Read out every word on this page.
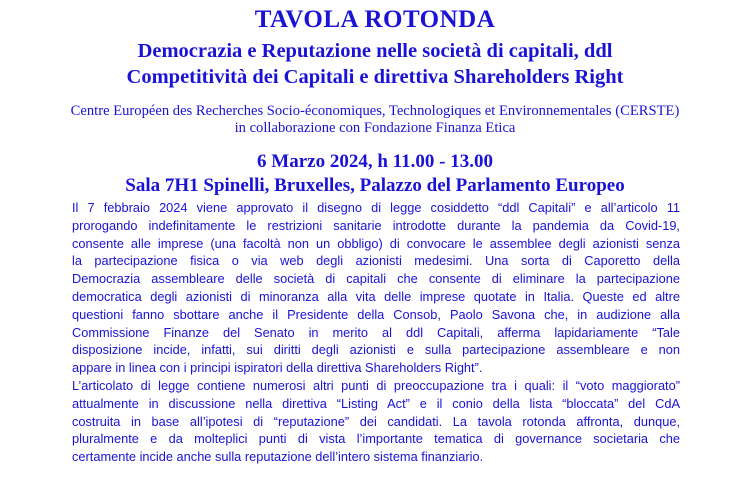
TAVOLA ROTONDA
Democrazia e Reputazione nelle società di capitali, ddl
Competitività dei Capitali e direttiva Shareholders Right

Centre Européen des Recherches Socio-économiques, Technologiques et Environnementales (CERSTE)
in collaborazione con Fondazione Finanza Etica

6 Marzo 2024, h 11.00 - 13.00

Sala 7H1 Spinelli, Bruxelles, Palazzo del Parlamento Europeo

Il 7 febbraio 2024 viene approvato il disegno di legge cosiddetto “ddl Capitali” e all’articolo 11
prorogando indefinitamente le restrizioni sanitarie introdotte durante la pandemia da Covid-19,
consente alle imprese (una facoltà non un obbligo) di convocare le assemblee degli azionisti senza
la partecipazione fisica o via web degli azionisti medesimi. Una sorta di Caporetto della
Democrazia assembleare delle società di capitali che consente di eliminare la partecipazione
democratica degli azionisti di minoranza alla vita delle imprese quotate in Italia. Queste ed altre
questioni fanno sbottare anche il Presidente della Consob, Paolo Savona che, in audizione alla
Commissione Finanze del Senato in merito al ddl Capitali, afferma lapidariamente “Tale
disposizione incide, infatti, sui diritti degli azionisti e sulla partecipazione assembleare e non
appare in linea con i principi ispiratori della direttiva Shareholders Right”.
L’articolato di legge contiene numerosi altri punti di preoccupazione tra i quali: il “voto maggiorato”
attualmente in discussione nella direttiva “Listing Act” e il conio della lista “bloccata” del CdA
costruita in base all’ipotesi di “reputazione” dei candidati. La tavola rotonda affronta, dunque,
pluralmente e da molteplici punti di vista l’importante tematica di governance societaria che
certamente incide anche sulla reputazione dell’intero sistema finanziario.
